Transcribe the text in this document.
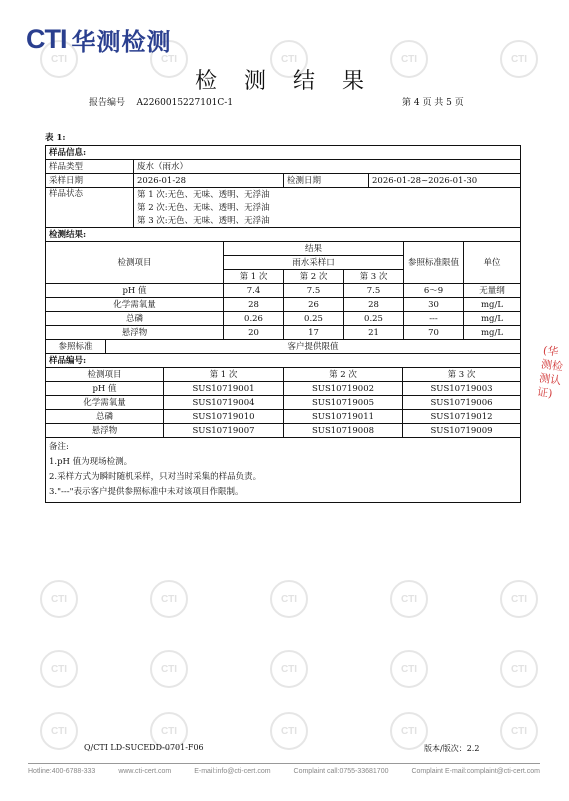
CTI	CTI	CTI	CTI	CTI
CTI	CTI	CTI	CTI	CTI
CTI	CTI	CTI	CTI	CTI
CTI	CTI	CTI	CTI	CTI
CTI 华测检测
检 测 结 果
报告编号 A2260015227101C-1	第 4 页 共 5 页
表 1:
样品信息:			
样品类型	废水（雨水）		
采样日期	2026-01-28	检测日期	2026-01-28~2026-01-30
样品状态	第 1 次:无色、无味、透明、无浮油		
	第 2 次:无色、无味、透明、无浮油		
	第 3 次:无色、无味、透明、无浮油		
检测结果:						
检测项目		结果			参照标准限值	单位
		雨水采样口				
		第 1 次	第 2 次	第 3 次		
pH 值		7.4	7.5	7.5	6～9	无量纲
化学需氧量		28	26	28	30	mg/L
总磷		0.26	0.25	0.25	---	mg/L
悬浮物		20	17	21	70	mg/L
参照标准	客户提供限值					
样品编号:			
检测项目	第 1 次	第 2 次	第 3 次
pH 值	SUS10719001	SUS10719002	SUS10719003
化学需氧量	SUS10719004	SUS10719005	SUS10719006
总磷	SUS10719010	SUS10719011	SUS10719012
悬浮物	SUS10719007	SUS10719008	SUS10719009
备注:
1.pH 值为现场检测。
2.采样方式为瞬时随机采样，只对当时采集的样品负责。
3."---"表示客户提供参照标准中未对该项目作限制。
(华测检测认证)
Q/CTI LD-SUCEDD-0701-F06	版本/版次：2.2
Hotline:400-6788-333	www.cti-cert.com	E-mail:info@cti-cert.com	Complaint call:0755-33681700	Complaint E-mail:complaint@cti-cert.com
